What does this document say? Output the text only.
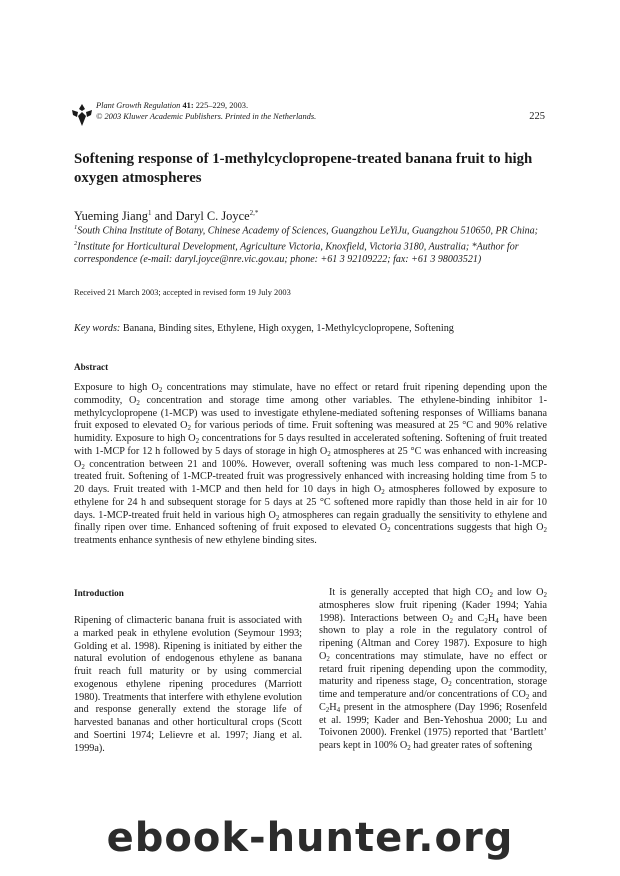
Plant Growth Regulation 41: 225–229, 2003.
© 2003 Kluwer Academic Publishers. Printed in the Netherlands.	225
Softening response of 1-methylcyclopropene-treated banana fruit to high oxygen atmospheres
Yueming Jiang$^1$ and Daryl C. Joyce$^{2,*}$
$^1$South China Institute of Botany, Chinese Academy of Sciences, Guangzhou LeYiJu, Guangzhou 510650, PR China; $^2$Institute for Horticultural Development, Agriculture Victoria, Knoxfield, Victoria 3180, Australia; *Author for correspondence (e-mail: daryl.joyce@nre.vic.gov.au; phone: +61 3 92109222; fax: +61 3 98003521)
Received 21 March 2003; accepted in revised form 19 July 2003
Key words: Banana, Binding sites, Ethylene, High oxygen, 1-Methylcyclopropene, Softening
Abstract
Exposure to high $O_2$ concentrations may stimulate, have no effect or retard fruit ripening depending upon the commodity, $O_2$ concentration and storage time among other variables. The ethylene-binding inhibitor 1-methylcyclopropene (1-MCP) was used to investigate ethylene-mediated softening responses of Williams banana fruit exposed to elevated $O_2$ for various periods of time. Fruit softening was measured at 25 °C and 90% relative humidity. Exposure to high $O_2$ concentrations for 5 days resulted in accelerated softening. Softening of fruit treated with 1-MCP for 12 h followed by 5 days of storage in high $O_2$ atmospheres at 25 °C was enhanced with increasing $O_2$ concentration between 21 and 100%. However, overall softening was much less compared to non-1-MCP-treated fruit. Softening of 1-MCP-treated fruit was progressively enhanced with increasing holding time from 5 to 20 days. Fruit treated with 1-MCP and then held for 10 days in high $O_2$ atmospheres followed by exposure to ethylene for 24 h and subsequent storage for 5 days at 25 °C softened more rapidly than those held in air for 10 days. 1-MCP-treated fruit held in various high $O_2$ atmospheres can regain gradually the sensitivity to ethylene and finally ripen over time. Enhanced softening of fruit exposed to elevated $O_2$ concentrations suggests that high $O_2$ treatments enhance synthesis of new ethylene binding sites.
Introduction

Ripening of climacteric banana fruit is associated with a marked peak in ethylene evolution (Seymour 1993; Golding et al. 1998). Ripening is initiated by either the natural evolution of endogenous ethylene as banana fruit reach full maturity or by using commercial exogenous ethylene ripening procedures (Marriott 1980). Treatments that interfere with ethylene evolution and response generally extend the storage life of harvested bananas and other horticultural crops (Scott and Soertini 1974; Lelievre et al. 1997; Jiang et al. 1999a).

It is generally accepted that high $CO_2$ and low $O_2$ atmospheres slow fruit ripening (Kader 1994; Yahia 1998). Interactions between $O_2$ and $C_2H_4$ have been shown to play a role in the regulatory control of ripening (Altman and Corey 1987). Exposure to high $O_2$ concentrations may stimulate, have no effect or retard fruit ripening depending upon the commodity, maturity and ripeness stage, $O_2$ concentration, storage time and temperature and/or concentrations of $CO_2$ and $C_2H_4$ present in the atmosphere (Day 1996; Rosenfeld et al. 1999; Kader and Ben-Yehoshua 2000; Lu and Toivonen 2000). Frenkel (1975) reported that ‘Bartlett’ pears kept in 100% $O_2$ had greater rates of softening
ebook-hunter.org
